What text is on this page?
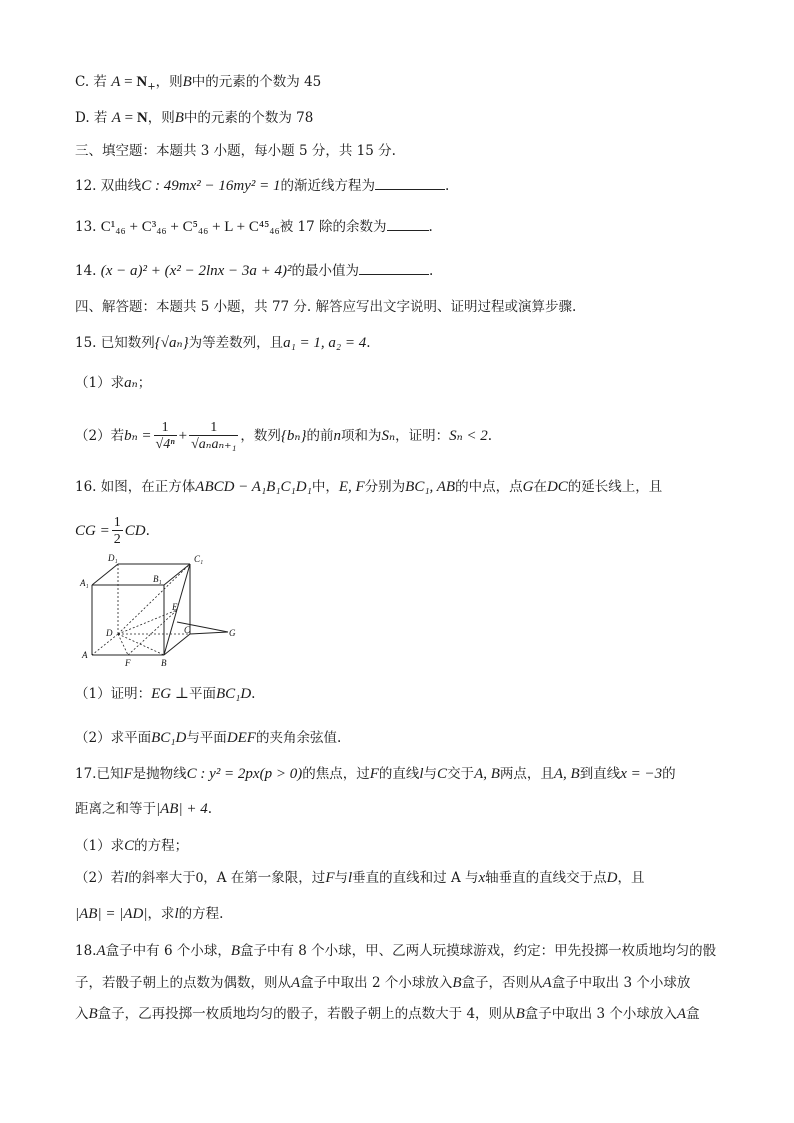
C. 若 $A = N_+$，则B中的元素的个数为 45
D. 若 A = N，则B中的元素的个数为 78
三、填空题：本题共 3 小题，每小题 5 分，共 15 分.
12. 双曲线C : 49mx² − 16my² = 1的渐近线方程为	.
13. C¹₄₆ + C³₄₆ + C⁵₄₆ + L + C⁴⁵₄₆被 17 除的余数为	.
14. (x − a)² + (x² − 2lnx − 3a + 4)²的最小值为	.
四、解答题：本题共 5 小题，共 77 分. 解答应写出文字说明、证明过程或演算步骤.
15. 已知数列{√aₙ}为等差数列，且a₁ = 1, a₂ = 4.
（1）求aₙ；
（2）若$b_n = \frac{1}{\text{√4ⁿ}} + \frac{1}{\text{√aₙaₙ₊₁}}$ ，数列{bₙ}的前n项和为Sₙ，证明：Sₙ < 2.
16. 如图，在正方体ABCD − A₁B₁C₁D₁中，E, F分别为BC₁, AB的中点，点G在DC的延长线上，且
CG = $\frac{1}{2}$ CD.
D₁	C₁
A₁	B₁
E
D	C	G
A
F	B
（1）证明：EG ⊥平面BC₁D.
（2）求平面BC₁D与平面DEF的夹角余弦值.
17.已知F是抛物线C : y² = 2px(p > 0)的焦点，过F的直线l与C交于A, B两点，且A, B到直线x = −3的
距离之和等于|AB| + 4.
（1）求C的方程；
（2）若l的斜率大于0，A 在第一象限，过F与l垂直的直线和过 A 与x轴垂直的直线交于点D，且
|AB| = |AD|，求l的方程.
18.A盒子中有 6 个小球，B盒子中有 8 个小球，甲、乙两人玩摸球游戏，约定：甲先投掷一枚质地均匀的骰
子，若骰子朝上的点数为偶数，则从A盒子中取出 2 个小球放入B盒子，否则从A盒子中取出 3 个小球放
入B盒子，乙再投掷一枚质地均匀的骰子，若骰子朝上的点数大于 4，则从B盒子中取出 3 个小球放入A盒
